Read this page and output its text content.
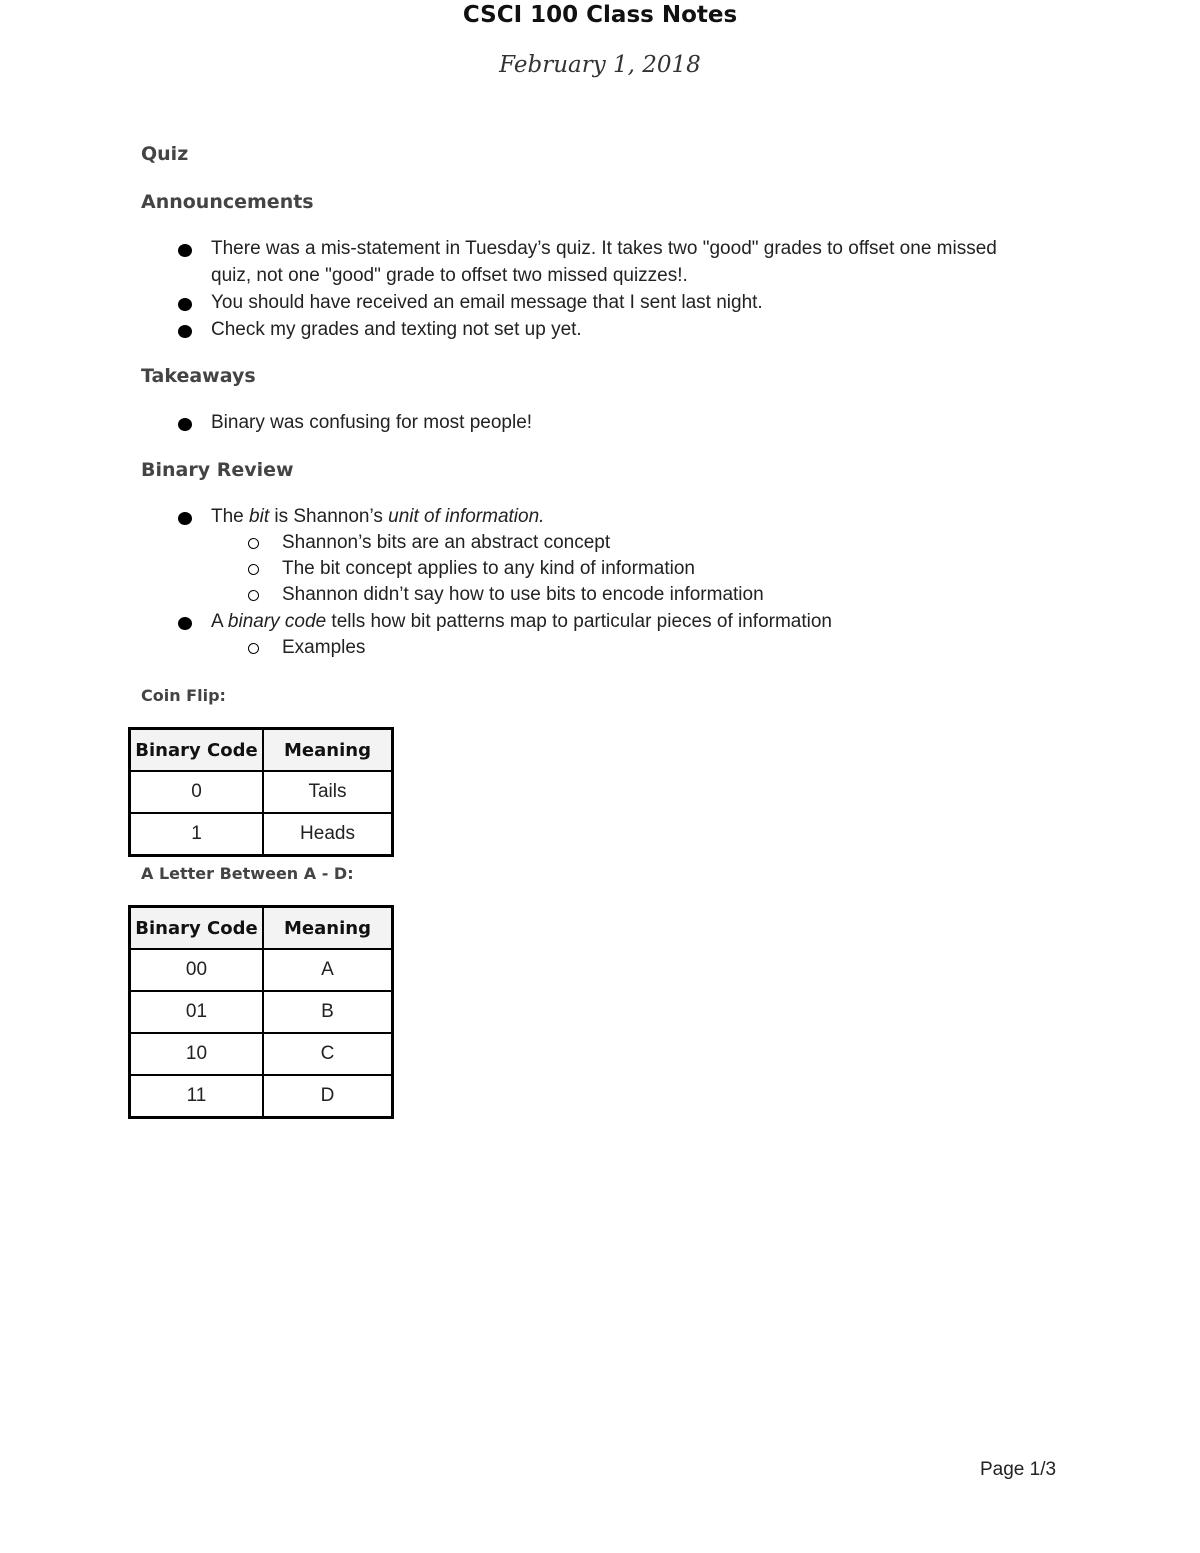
CSCI 100 Class Notes
February 1, 2018
Quiz
Announcements
There was a mis-statement in Tuesday’s quiz. It takes two "good" grades to offset one missed quiz, not one "good" grade to offset two missed quizzes!.
You should have received an email message that I sent last night.
Check my grades and texting not set up yet.
Takeaways
Binary was confusing for most people!
Binary Review
The bit is Shannon’s unit of information.
Shannon’s bits are an abstract concept
The bit concept applies to any kind of information
Shannon didn’t say how to use bits to encode information
A binary code tells how bit patterns map to particular pieces of information
Examples
Coin Flip:
Binary Code	Meaning
0	Tails
1	Heads
A Letter Between A - D:
Binary Code	Meaning
00	A
01	B
10	C
11	D
Page 1/3
